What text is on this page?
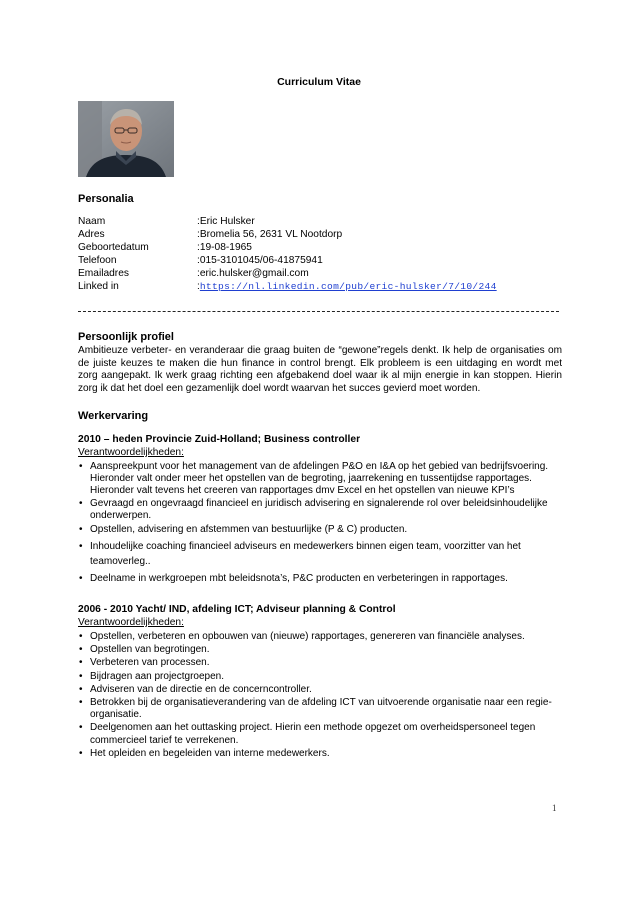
Curriculum Vitae
Personalia
Naam	:Eric Hulsker
Adres	:Bromelia 56, 2631 VL Nootdorp
Geboortedatum	:19-08-1965
Telefoon	:015-3101045/06-41875941
Emailadres	:eric.hulsker@gmail.com
Linked in	:https://nl.linkedin.com/pub/eric-hulsker/7/10/244
Persoonlijk profiel
Ambitieuze verbeter- en veranderaar die graag buiten de “gewone”regels denkt. Ik help de organisaties om de juiste keuzes te maken die hun finance in control brengt. Elk probleem is een uitdaging en wordt met zorg aangepakt. Ik werk graag richting een afgebakend doel waar ik al mijn energie in kan stoppen. Hierin zorg ik dat het doel een gezamenlijk doel wordt waarvan het succes gevierd moet worden.
Werkervaring
2010 – heden Provincie Zuid-Holland; Business controller
Verantwoordelijkheden:
• Aanspreekpunt voor het management van de afdelingen P&O en I&A op het gebied van bedrijfsvoering. Hieronder valt onder meer het opstellen van de begroting, jaarrekening en tussentijdse rapportages. Hieronder valt tevens het creeren van rapportages dmv Excel en het opstellen van nieuwe KPI’s
• Gevraagd en ongevraagd financieel en juridisch advisering en signalerende rol over beleidsinhoudelijke onderwerpen.
• Opstellen, advisering en afstemmen van bestuurlijke (P & C) producten.
• Inhoudelijke coaching financieel adviseurs en medewerkers binnen eigen team, voorzitter van het teamoverleg..
• Deelname in werkgroepen mbt beleidsnota’s, P&C producten en verbeteringen in rapportages.
2006 - 2010 Yacht/ IND, afdeling ICT; Adviseur planning & Control
Verantwoordelijkheden:
• Opstellen, verbeteren en opbouwen van (nieuwe) rapportages, genereren van financiële analyses.
• Opstellen van begrotingen.
• Verbeteren van processen.
• Bijdragen aan projectgroepen.
• Adviseren van de directie en de concerncontroller.
• Betrokken bij de organisatieverandering van de afdeling ICT van uitvoerende organisatie naar een regie-organisatie.
• Deelgenomen aan het outtasking project. Hierin een methode opgezet om overheidspersoneel tegen commercieel tarief te verrekenen.
• Het opleiden en begeleiden van interne medewerkers.
1
